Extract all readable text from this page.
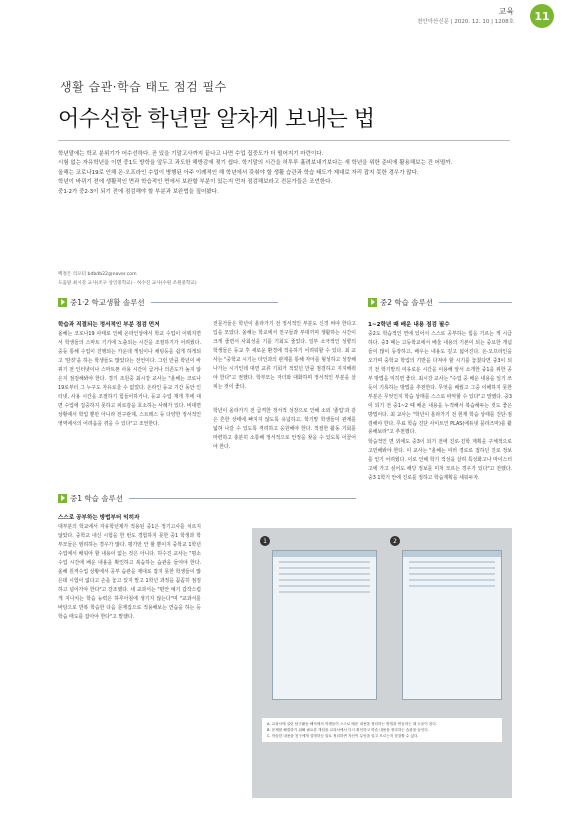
교육
천안아산신문 | 2020. 12. 10 | 1208호	11
생활 습관·학습 태도 점검 필수
어수선한 학년말 알차게 보내는 법

학년말에는 학교 분위기가 어수선하다. 곧 있을 기말고사까지 끝나고 나면 수업 집중도가 더 떨어지기 마련이다.

시험 없는 자유학년을 이번 중1도 방학을 앞두고 과도한 해방감에 젖기 쉽다. 학기말의 시간을 허투루 흘려보내기보다는 새 학년을 위한 준비에 활용해보는 건 어떨까.

올해는 코로나19로 인해 온·오프라인 수업이 병행된 아주 이례적인 해 학년에서 갖춰야 할 생활 습관과 학습 태도가 제대로 자리 잡지 못한 경우가 많다.

학년이 바뀌기 전에 생활적인 면과 학습적인 면에서 보완할 부분이 있는지 먼저 점검해보라고 전문가들은 조언한다.

중1·2가 중2·3이 되기 전에 점검해야 할 부분과 보완법을 짚어봤다.

백정은 리포터 bdbdb22@naver.com
도움말 최시강 교사(조구 상인중학교) · 허수진 교사(수원 조원중학교)
중1·2 학교생활 솔루션
학습과 직결되는 정서적인 부분 점검 먼저
올해는 코로나19 사태로 인해 온라인상에서 학교 수업이 이뤄지면서 학생들의 스마트 기기에 노출되는 시간을 조절하기가 어려웠다. 중등 통해 수업이 진행되는 가운데 게임이나 채팅등을 쉽게 하게되고 '딴짓'을 하는 학생들도 많았다는 전언이다. 그런 만큼 학년이 바뀌기 전 인터넷이나 스마트폰 사용 시간이 급거나 의존도가 높지 않은지 점검해봐야 한다. 경기 조원중 최시강 교사는 "올해는 코로나19로부터 그 누구도 자유로울 수 없었다. 온라인 등교 기간 동안 인터넷, 사용 시간을 조절하기 힘들어하거나, 등교 수업 재개 후에 대면 수업에 집중하지 못하고 피로감을 호소하는 사례가 있다. 비대면 상황에서 학업 뿐만 아니라 친구관계, 스트레스 등 다양한 정서적인 영역에서의 어려움을 겪을 수 있다"고 조언한다.
전문가들은 학년이 올라가기 전 정서적인 부분도 신경 써야 한다고 입을 모았다. 올해는 학교에서 친구들과 부대끼며 생활하는 시간이 크게 줄면서 사회성을 기를 기회도 줄었다. 일부 소극적인 성향의 학생들은 등교 후 새로운 환경에 적응하기 어려워할 수 있다. 최 교사는 "중학교 시기는 타인과의 관계를 통해 자아를 형성하고 성장해나가는 시기인데 대면 교류 기회가 적었던 만큼 점검하고 지지해줘야 한다"고 권했다. 학부모는 자녀와 대화하며 정서적인 부분을 살피는 것이 좋다.
학년이 올라가기 전 급격한 정서적 성장으로 인해 소외 '졸업'과 같은 흔한 상태에 빠지지 않도록 유념하고, 학기말 학생들이 관계를 넓혀 나갈 수 있도록 격려하고 응원해야 한다. 적절한 활동 기회를 마련하고 충분히 소통해 정서적으로 안정을 찾을 수 있도록 이끌어야 한다.
중2 학습 솔루션
1~2학년 때 배운 내용 점검 필수
중2도 학습적인 면에 있어서 스스로 공부하는 힘을 기르는 게 시급하다. 중3 때는 고등학교에서 배울 내용의 기본이 되는 중요한 개념들이 많이 등장하고, 배우는 내용도 깊고 넓어진다. 온·오프라인을 오가며 중학교 학업의 기반을 다져야 할 시기를 놓쳤다면 중3이 되기 전 학기말의 여유로운 시간을 이용해 앞서 소개한 중1을 위한 공부 방법을 익히면 좋다. 최시강 교사는 "수업 중 배운 내용을 일기 쓰듯이 기록하는 방법을 추천한다. 무엇을 배웠고 그중 이해하지 못한 부분은 무엇인지 학습 상태를 스스로 파악할 수 있다"고 말했다. 중3이 되기 전 중1~2 때 배운 내용을 누적해서 복습해두는 것도 좋은 방법이다. 최 교사는 "학년이 올라가기 전 현재 학습 상태를 진단·점검해야 한다. 무료 학습 진단 사이트인 PLAS(에듀넷 플라즈마)를 활용해보라"고 추천했다.
중1 학습 솔루션
스스로 공부하는 방법부터 익히자
대부분의 학교에서 자유학년제가 적용된 중1은 정기고사를 치르지 않았다. 중학교 내신 시험을 한 번도 경험하지 못한 중1 학생과 학부모들은 염려하는 경우가 많다. 평가만 안 할 뿐이지 중학교 1학년 수업에서 배워야 할 내용이 없는 것은 아니다. 허수진 교사는 "평소 수업 시간에 배운 내용을 확인하고 복습하는 습관을 들여야 한다. 올해 원격수업 상황에서 공부 습관을 제대로 잡지 못한 학생들이 많은데 시험이 없다고 손을 놓고 있지 말고 1학년 과정을 꼼꼼히 점검하고 넘어가야 한다"고 강조했다. 새 교과서는 "편안 예기 갑작스럽게 지나치는 학습 능력은 하루아침에 생기지 않는다"며 "교과서를 바탕으로 반복 학습한 다음 문제집으로 적용해보는 연습을 하는 등 학습 태도를 잡아야 한다"고 말했다.
학습적인 면 외에도 중3이 되기 전에 진로·진학 계획을 구체적으로 고민해봐야 한다. 이 교사는 "올해는 여러 경로로 접하던 진로 정보를 얻기 어려웠다. 이로 인해 학기 적성을 살려 특성화고나 마이스터고에 가고 싶어도 해당 정보를 미처 모르는 경우가 있다"고 전했다. 중3 1학기 안에 진로를 정하고 학습계획을 세워두자.
1	2

A. 교과서에 실린 탐구활동 해석에서 학생들이 스스로 배운 내용을 정리하는 방법을 연습하는 데 도움이 된다.

B. 문제를 해결하기 위해 필요한 개념을 교과서에서 다시 확인하고 학습 내용을 정리하는 습관을 들인다.

C. 학습한 내용을 친구에게 설명하듯 말로 정리하면 자신이 무엇을 알고 모르는지 점검할 수 있다.
